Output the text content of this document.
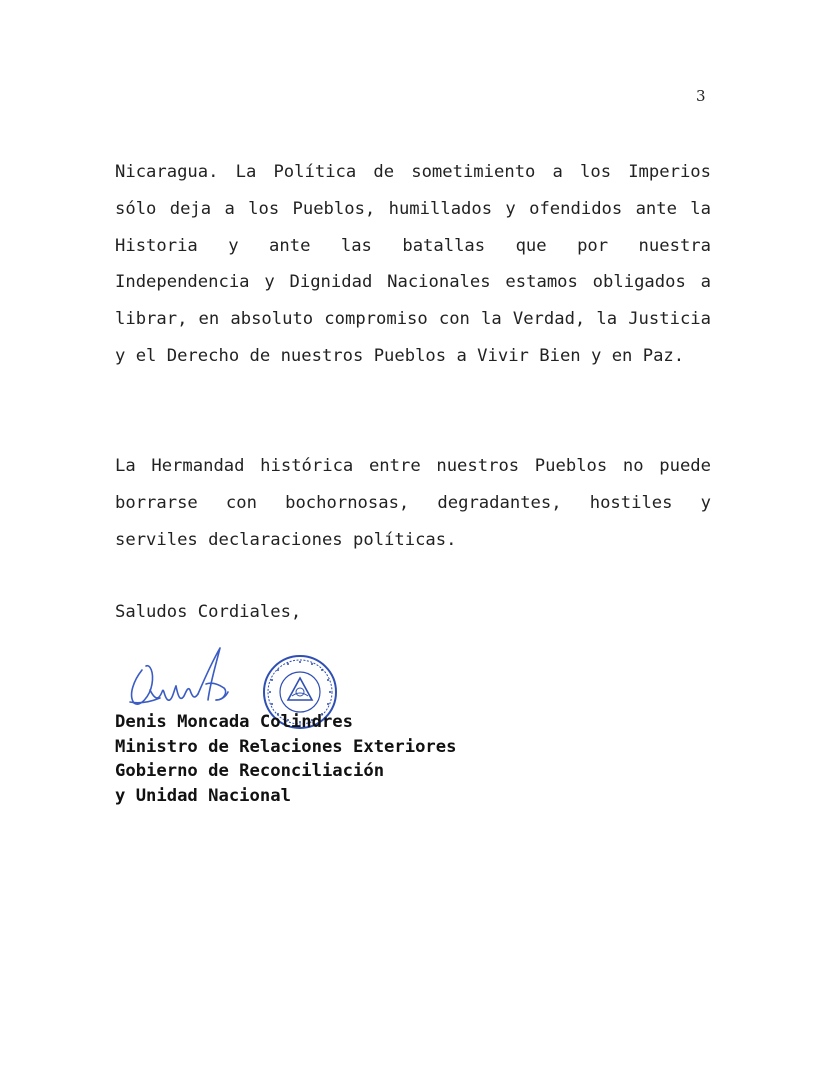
3

Nicaragua. La Política de sometimiento a los Imperios sólo deja a los Pueblos, humillados y ofendidos ante la Historia y ante las batallas que por nuestra Independencia y Dignidad Nacionales estamos obligados a librar, en absoluto compromiso con la Verdad, la Justicia y el Derecho de nuestros Pueblos a Vivir Bien y en Paz.

La Hermandad histórica entre nuestros Pueblos no puede borrarse con bochornosas, degradantes, hostiles y serviles declaraciones políticas.

Saludos Cordiales,

Denis Moncada Colindres
Ministro de Relaciones Exteriores
Gobierno de Reconciliación
y Unidad Nacional
